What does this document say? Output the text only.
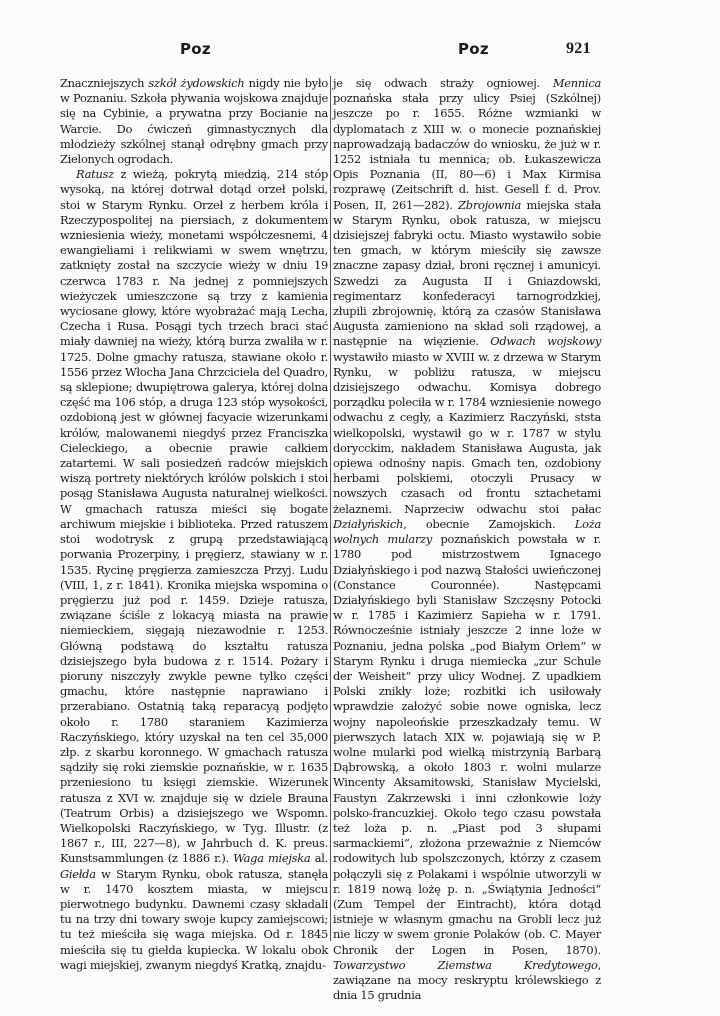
Poz	Poz	921

Znaczniejszych szkół żydowskich nigdy nie było w Poznaniu. Szkoła pływania wojskowa znajduje się na Cybinie, a prywatna przy Bocianie na Warcie. Do ćwiczeń gimnastycznych dla młodzieży szkólnej stanął odrębny gmach przy Zielonych ogrodach.

Ratusz z wieżą, pokrytą miedzią, 214 stóp wysoką, na której dotrwał dotąd orzeł polski, stoi w Starym Rynku. Orzeł z herbem króla i Rzeczypospolitej na piersiach, z dokumentem wzniesienia wieży, monetami współczesnemi, 4 ewangieliami i relikwiami w swem wnętrzu, zatknięty został na szczycie wieży w dniu 19 czerwca 1783 r. Na jednej z pomniejszych wieżyczek umieszczone są trzy z kamienia wyciosane głowy, które wyobrażać mają Lecha, Czecha i Rusa. Posągi tych trzech braci stać miały dawniej na wieży, którą burza zwaliła w r. 1725. Dolne gmachy ratusza, stawiane około r. 1556 przez Włocha Jana Chrzciciela del Quadro, są sklepione; dwupiętrowa galerya, której dolna część ma 106 stóp, a druga 123 stóp wysokości, ozdobioną jest w głównej facyacie wizerunkami królów, malowanemi niegdyś przez Franciszka Cieleckiego, a obecnie prawie całkiem zatartemi. W sali posiedzeń radców miejskich wiszą portrety niektórych królów polskich i stoi posąg Stanisława Augusta naturalnej wielkości. W gmachach ratusza mieści się bogate archiwum miejskie i biblioteka. Przed ratuszem stoi wodotrysk z grupą przedstawiającą porwania Prozerpiny, i pręgierz, stawiany w r. 1535. Rycinę pręgierza zamieszcza Przyj. Ludu (VIII, 1, z r. 1841). Kronika miejska wspomina o pręgierzu już pod r. 1459. Dzieje ratusza, związane ściśle z lokacyą miasta na prawie niemieckiem, sięgają niezawodnie r. 1253. Główną podstawą do kształtu ratusza dzisiejszego była budowa z r. 1514. Pożary i pioruny niszczyły zwykle pewne tylko części gmachu, które następnie naprawiano i przerabiano. Ostatnią taką reparacyą podjęto około r. 1780 staraniem Kazimierza Raczyńskiego, który uzyskał na ten cel 35,000 złp. z skarbu koronnego. W gmachach ratusza sądziły się roki ziemskie poznańskie, w r. 1635 przeniesiono tu księgi ziemskie. Wizerunek ratusza z XVI w. znajduje się w dziele Brauna (Teatrum Orbis) a dzisiejszego we Wspomn. Wielkopolski Raczyńskiego, w Tyg. Illustr. (z 1867 r., III, 227—8), w Jahrbuch d. K. preus. Kunstsammlungen (z 1886 r.). Waga miejska al. Giełda w Starym Rynku, obok ratusza, stanęła w r. 1470 kosztem miasta, w miejscu pierwotnego budynku. Dawnemi czasy składali tu na trzy dni towary swoje kupcy zamiejscowi; tu też mieściła się waga miejska. Od r. 1845 mieściła się tu giełda kupiecka. W lokalu obok wagi miejskiej, zwanym niegdyś Kratką, znajdu-

je się odwach straży ogniowej. Mennica poznańska stała przy ulicy Psiej (Szkólnej) jeszcze po r. 1655. Różne wzmianki w dyplomatach z XIII w. o monecie poznańskiej naprowadzają badaczów do wniosku, że już w r. 1252 istniała tu mennica; ob. Łukaszewicza Opis Poznania (II, 80—6) i Max Kirmisa rozprawę (Zeitschrift d. hist. Gesell f. d. Prov. Posen, II, 261—282). Zbrojownia miejska stała w Starym Rynku, obok ratusza, w miejscu dzisiejszej fabryki octu. Miasto wystawiło sobie ten gmach, w którym mieściły się zawsze znaczne zapasy dział, broni ręcznej i amunicyi. Szwedzi za Augusta II i Gniazdowski, regimentarz konfederacyi tarnogrodzkiej, złupili zbrojownię, którą za czasów Stanisława Augusta zamieniono na skład soli rządowej, a następnie na więzienie. Odwach wojskowy wystawiło miasto w XVIII w. z drzewa w Starym Rynku, w pobliżu ratusza, w miejscu dzisiejszego odwachu. Komisya dobrego porządku poleciła w r. 1784 wzniesienie nowego odwachu z cegły, a Kazimierz Raczyński, ststa wielkopolski, wystawił go w r. 1787 w stylu dorycckim, nakładem Stanisława Augusta, jak opiewa odnośny napis. Gmach ten, ozdobiony herbami polskiemi, otoczyli Prusacy w nowszych czasach od frontu sztachetami żelaznemi. Naprzeciw odwachu stoi pałac Działyńskich, obecnie Zamojskich. Loża wolnych mularzy poznańskich powstała w r. 1780 pod mistrzostwem Ignacego Działyńskiego i pod nazwą Stałości uwieńczonej (Constance Couronnée). Następcami Działyńskiego byli Stanisław Szczęsny Potocki w r. 1785 i Kazimierz Sapieha w r. 1791. Równocześnie istniały jeszcze 2 inne loże w Poznaniu, jedna polska „pod Białym Orłem“ w Starym Rynku i druga niemiecka „zur Schule der Weisheit“ przy ulicy Wodnej. Z upadkiem Polski znikły loże; rozbitki ich usiłowały wprawdzie założyć sobie nowe ogniska, lecz wojny napoleońskie przeszkadzały temu. W pierwszych latach XIX w. pojawiają się w P. wolne mularki pod wielką mistrzynią Barbarą Dąbrowską, a około 1803 r. wolni mularze Wincenty Aksamitowski, Stanisław Mycielski, Faustyn Zakrzewski i inni członkowie loży polsko-francuzkiej. Około tego czasu powstała też loża p. n. „Piast pod 3 słupami sarmackiemi“, złożona przeważnie z Niemców rodowitych lub spolszczonych, którzy z czasem połączyli się z Polakami i wspólnie utworzyli w r. 1819 nową lożę p. n. „Świątynia Jedności“ (Zum Tempel der Eintracht), która dotąd istnieje w własnym gmachu na Grobli lecz już nie liczy w swem gronie Polaków (ob. C. Mayer Chronik der Logen in Posen, 1870). Towarzystwo Ziemstwa Kredytowego, zawiązane na mocy reskryptu królewskiego z dnia 15 grudnia
